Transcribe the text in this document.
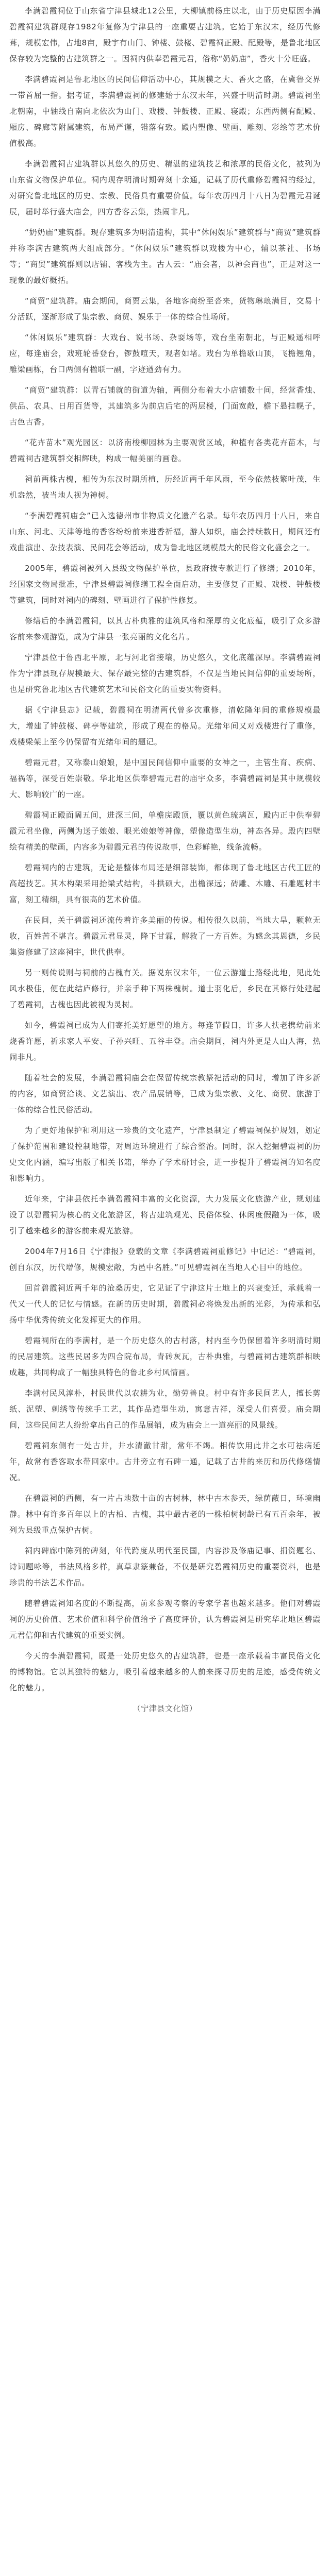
李满碧霞祠位于山东省宁津县城北12公里，大柳镇前杨庄以北，由于历史原因李满碧霞祠建筑群现存1982年复修为宁津县的一座重要古建筑。它始于东汉末，经历代修葺，规模宏伟，占地8亩，殿宇有山门、钟楼、鼓楼、碧霞祠正殿、配殿等，是鲁北地区保存较为完整的古建筑群之一。因祠内供奉碧霞元君，俗称“奶奶庙”，香火十分旺盛。

李满碧霞祠是鲁北地区的民间信仰活动中心，其规模之大、香火之盛，在冀鲁交界一带首屈一指。据考证，李满碧霞祠的修建始于东汉末年，兴盛于明清时期。碧霞祠坐北朝南，中轴线自南向北依次为山门、戏楼、钟鼓楼、正殿、寝殿；东西两侧有配殿、厢房、碑廊等附属建筑，布局严谨，错落有致。殿内塑像、壁画、雕刻、彩绘等艺术价值极高。

李满碧霞祠古建筑群以其悠久的历史、精湛的建筑技艺和浓厚的民俗文化，被列为山东省文物保护单位。祠内现存明清时期碑刻十余通，记载了历代重修碧霞祠的经过，对研究鲁北地区的历史、宗教、民俗具有重要价值。每年农历四月十八日为碧霞元君诞辰，届时举行盛大庙会，四方香客云集，热闹非凡。

“奶奶庙”建筑群。现存建筑多为明清遗构，其中“休闲娱乐”建筑群与“商贸”建筑群并称李满古建筑两大组成部分。“休闲娱乐”建筑群以戏楼为中心，辅以茶社、书场等；“商贸”建筑群则以店铺、客栈为主。古人云：“庙会者，以神会商也”，正是对这一现象的最好概括。

“商贸”建筑群。庙会期间，商贾云集，各地客商纷至沓来，货物琳琅满目，交易十分活跃，逐渐形成了集宗教、商贸、娱乐于一体的综合性场所。

“休闲娱乐”建筑群：大戏台、说书场、杂耍场等，戏台坐南朝北，与正殿遥相呼应，每逢庙会，戏班轮番登台，锣鼓喧天，观者如堵。戏台为单檐歇山顶，飞檐翘角，雕梁画栋，台口两侧有楹联一副，字迹遒劲有力。

“商贸”建筑群：以青石铺就的街道为轴，两侧分布着大小店铺数十间，经营香烛、供品、农具、日用百货等，其建筑多为前店后宅的两层楼，门面宽敞，檐下悬挂幌子，古色古香。

“花卉苗木”观光园区：以济南梭柳园林为主要观赏区域，种植有各类花卉苗木，与碧霞祠古建筑群交相辉映，构成一幅美丽的画卷。

祠前两株古槐，相传为东汉时期所植，历经近两千年风雨，至今依然枝繁叶茂，生机盎然，被当地人视为神树。

“李满碧霞祠庙会”已入选德州市非物质文化遗产名录。每年农历四月十八日，来自山东、河北、天津等地的香客纷纷前来进香祈福，游人如织，庙会持续数日，期间还有戏曲演出、杂技表演、民间花会等活动，成为鲁北地区规模最大的民俗文化盛会之一。

2005年，碧霞祠被列入县级文物保护单位，县政府拨专款进行了修缮；2010年，经国家文物局批准，宁津县碧霞祠修缮工程全面启动，主要修复了正殿、戏楼、钟鼓楼等建筑，同时对祠内的碑刻、壁画进行了保护性修复。

修缮后的李满碧霞祠，以其古朴典雅的建筑风格和深厚的文化底蕴，吸引了众多游客前来参观游览，成为宁津县一张亮丽的文化名片。

宁津县位于鲁西北平原，北与河北省接壤，历史悠久，文化底蕴深厚。李满碧霞祠作为宁津县现存规模最大、保存最完整的古建筑群，不仅是当地民间信仰的重要场所，也是研究鲁北地区古代建筑艺术和民俗文化的重要实物资料。

据《宁津县志》记载，碧霞祠在明清两代曾多次重修，清乾隆年间的重修规模最大，增建了钟鼓楼、碑亭等建筑，形成了现在的格局。光绪年间又对戏楼进行了重修，戏楼梁架上至今仍保留有光绪年间的题记。

碧霞元君，又称泰山娘娘，是中国民间信仰中重要的女神之一，主管生育、疾病、福祸等，深受百姓崇敬。华北地区供奉碧霞元君的庙宇众多，李满碧霞祠是其中规模较大、影响较广的一座。

碧霞祠正殿面阔五间，进深三间，单檐庑殿顶，覆以黄色琉璃瓦，殿内正中供奉碧霞元君坐像，两侧为送子娘娘、眼光娘娘等神像，塑像造型生动，神态各异。殿内四壁绘有精美的壁画，内容多为碧霞元君的传说故事，色彩鲜艳，线条流畅。

碧霞祠内的古建筑，无论是整体布局还是细部装饰，都体现了鲁北地区古代工匠的高超技艺。其木构架采用抬梁式结构，斗拱硕大，出檐深远；砖雕、木雕、石雕题材丰富，刻工精细，具有很高的艺术价值。

在民间，关于碧霞祠还流传着许多美丽的传说。相传很久以前，当地大旱，颗粒无收，百姓苦不堪言。碧霞元君显灵，降下甘霖，解救了一方百姓。为感念其恩德，乡民集资修建了这座祠宇，世代供奉。

另一则传说则与祠前的古槐有关。据说东汉末年，一位云游道士路经此地，见此处风水极佳，便在此结庐修行，并亲手种下两株槐树。道士羽化后，乡民在其修行处建起了碧霞祠，古槐也因此被视为灵树。

如今，碧霞祠已成为人们寄托美好愿望的地方。每逢节假日，许多人扶老携幼前来烧香许愿，祈求家人平安、子孙兴旺、五谷丰登。庙会期间，祠内外更是人山人海，热闹非凡。

随着社会的发展，李满碧霞祠庙会在保留传统宗教祭祀活动的同时，增加了许多新的内容，如商贸洽谈、文艺演出、农产品展销等，已成为集宗教、文化、商贸、旅游于一体的综合性民俗活动。

为了更好地保护和利用这一珍贵的文化遗产，宁津县制定了碧霞祠保护规划，划定了保护范围和建设控制地带，对周边环境进行了综合整治。同时，深入挖掘碧霞祠的历史文化内涵，编写出版了相关书籍，举办了学术研讨会，进一步提升了碧霞祠的知名度和影响力。

近年来，宁津县依托李满碧霞祠丰富的文化资源，大力发展文化旅游产业，规划建设了以碧霞祠为核心的文化旅游区，将古建筑观光、民俗体验、休闲度假融为一体，吸引了越来越多的游客前来观光旅游。

2004年7月16日《宁津报》登载的文章《李满碧霞祠重修记》中记述：“碧霞祠，创自东汉，历代增修，规模宏敞，为邑中名胜。”可见碧霞祠在当地人心目中的地位。

回首碧霞祠近两千年的沧桑历史，它见证了宁津这片土地上的兴衰变迁，承载着一代又一代人的记忆与情感。在新的历史时期，碧霞祠必将焕发出新的光彩，为传承和弘扬中华优秀传统文化发挥更大的作用。

碧霞祠所在的李满村，是一个历史悠久的古村落，村内至今仍保留着许多明清时期的民居建筑。这些民居多为四合院布局，青砖灰瓦，古朴典雅，与碧霞祠古建筑群相映成趣，共同构成了一幅独具特色的鲁北乡村风情画。

李满村民风淳朴，村民世代以农耕为业，勤劳善良。村中有许多民间艺人，擅长剪纸、泥塑、刺绣等传统手工艺，其作品造型生动，寓意吉祥，深受人们喜爱。庙会期间，这些民间艺人纷纷拿出自己的作品展销，成为庙会上一道亮丽的风景线。

碧霞祠东侧有一处古井，井水清澈甘甜，常年不竭。相传饮用此井之水可祛病延年，故常有香客取水带回家中。古井旁立有石碑一通，记载了古井的来历和历代修缮情况。

在碧霞祠的西侧，有一片占地数十亩的古树林，林中古木参天，绿荫蔽日，环境幽静。林中有许多百年以上的古柏、古槐，其中最古老的一株柏树树龄已有五百余年，被列为县级重点保护古树。

祠内碑廊中陈列的碑刻，年代跨度从明代至民国，内容涉及修庙记事、捐资题名、诗词题咏等，书法风格多样，真草隶篆兼备，不仅是研究碧霞祠历史的重要资料，也是珍贵的书法艺术作品。

随着碧霞祠知名度的不断提高，前来参观考察的专家学者也越来越多。他们对碧霞祠的历史价值、艺术价值和科学价值给予了高度评价，认为碧霞祠是研究华北地区碧霞元君信仰和古代建筑的重要实例。

今天的李满碧霞祠，既是一处历史悠久的古建筑群，也是一座承载着丰富民俗文化的博物馆。它以其独特的魅力，吸引着越来越多的人前来探寻历史的足迹，感受传统文化的魅力。

（宁津县文化馆）
